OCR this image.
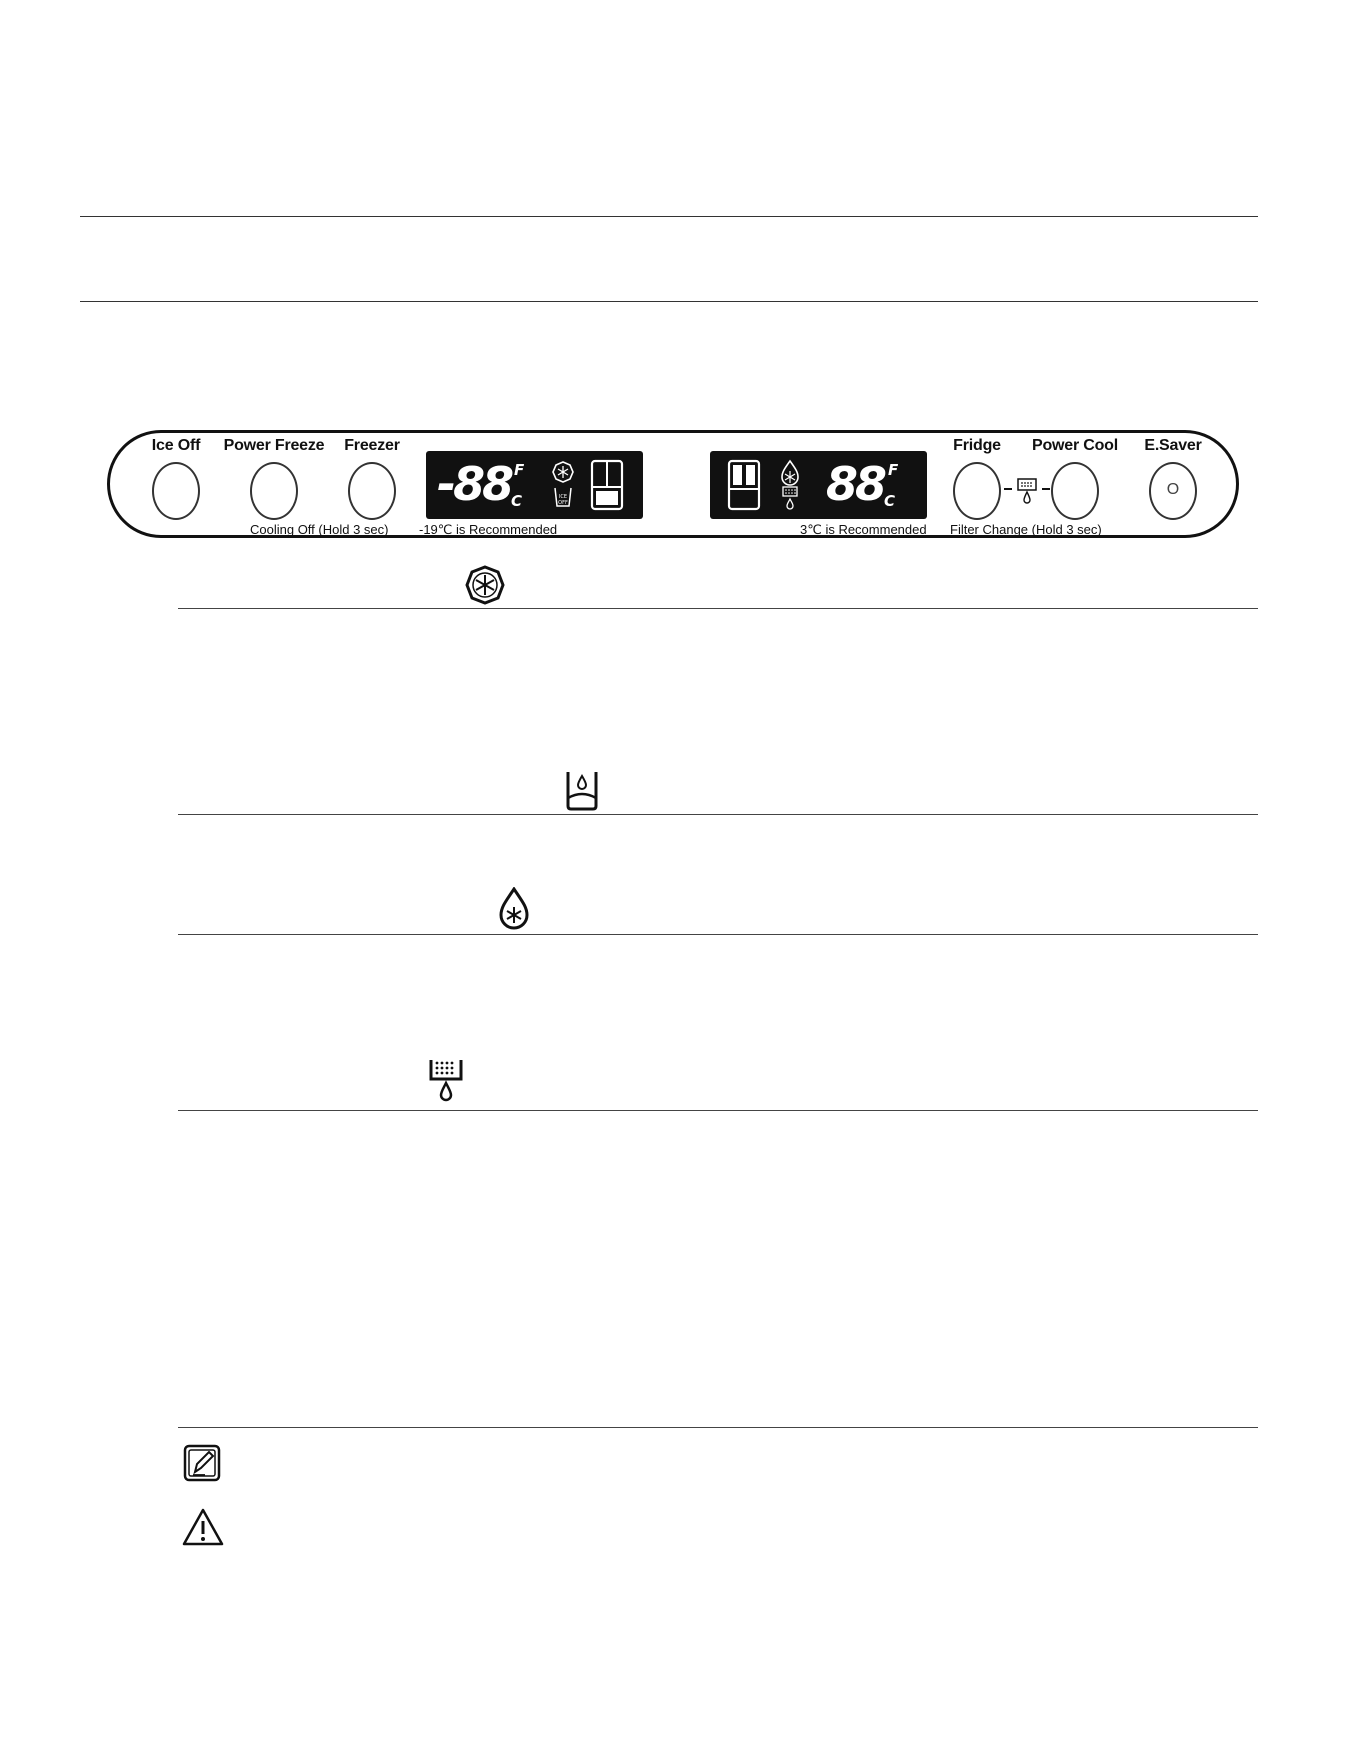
Ice Off Power Freeze Freezer	Fridge Power Cool E.Saver
O
-88 F
C	ICE
OFF	88 F
C
Cooling Off (Hold 3 sec) -19℃ is Recommended	3℃ is Recommended Filter Change (Hold 3 sec)
